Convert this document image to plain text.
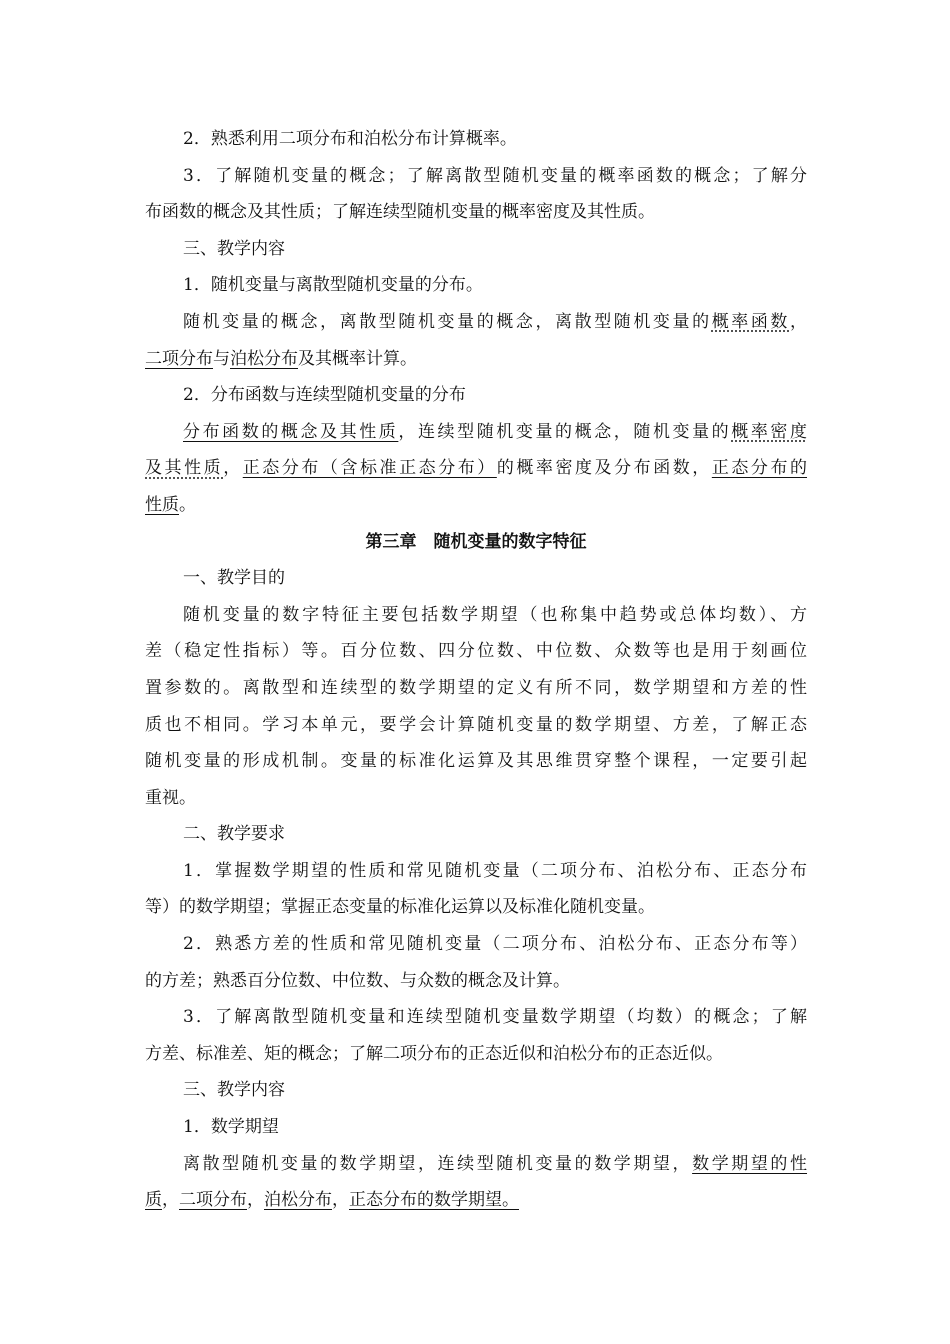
2．熟悉利用二项分布和泊松分布计算概率。
3．了解随机变量的概念；了解离散型随机变量的概率函数的概念；了解分
布函数的概念及其性质；了解连续型随机变量的概率密度及其性质。
三、教学内容
1．随机变量与离散型随机变量的分布。
随机变量的概念，离散型随机变量的概念，离散型随机变量的概率函数，
二项分布与泊松分布及其概率计算。
2．分布函数与连续型随机变量的分布
分布函数的概念及其性质，连续型随机变量的概念，随机变量的概率密度
及其性质，正态分布（含标准正态分布）的概率密度及分布函数，正态分布的
性质。
第三章　随机变量的数字特征
一、教学目的
随机变量的数字特征主要包括数学期望（也称集中趋势或总体均数）、方
差（稳定性指标）等。百分位数、四分位数、中位数、众数等也是用于刻画位
置参数的。离散型和连续型的数学期望的定义有所不同，数学期望和方差的性
质也不相同。学习本单元，要学会计算随机变量的数学期望、方差，了解正态
随机变量的形成机制。变量的标准化运算及其思维贯穿整个课程，一定要引起
重视。
二、教学要求
1．掌握数学期望的性质和常见随机变量（二项分布、泊松分布、正态分布
等）的数学期望；掌握正态变量的标准化运算以及标准化随机变量。
2．熟悉方差的性质和常见随机变量（二项分布、泊松分布、正态分布等）
的方差；熟悉百分位数、中位数、与众数的概念及计算。
3．了解离散型随机变量和连续型随机变量数学期望（均数）的概念；了解
方差、标准差、矩的概念；了解二项分布的正态近似和泊松分布的正态近似。
三、教学内容
1．数学期望
离散型随机变量的数学期望，连续型随机变量的数学期望，数学期望的性
质，二项分布，泊松分布，正态分布的数学期望。
